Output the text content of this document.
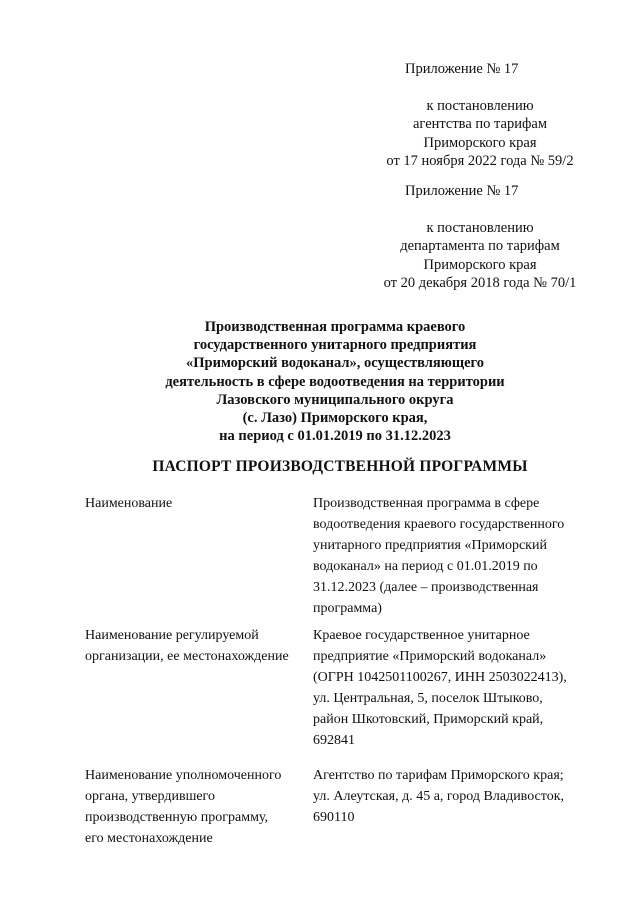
Приложение № 17
к постановлению
агентства по тарифам
Приморского края
от 17 ноября 2022 года № 59/2
Приложение № 17
к постановлению
департамента по тарифам
Приморского края
от 20 декабря 2018 года № 70/1
Производственная программа краевого
государственного унитарного предприятия
«Приморский водоканал», осуществляющего
деятельность в сфере водоотведения на территории
Лазовского муниципального округа
(с. Лазо) Приморского края,
на период с 01.01.2019 по 31.12.2023
ПАСПОРТ ПРОИЗВОДСТВЕННОЙ ПРОГРАММЫ
Наименование	Производственная программа в сфере
водоотведения краевого государственного
унитарного предприятия «Приморский
водоканал» на период с 01.01.2019 по
31.12.2023 (далее – производственная
программа)
Наименование регулируемой
организации, ее местонахождение
Краевое государственное унитарное
предприятие «Приморский водоканал»
(ОГРН 1042501100267, ИНН 2503022413),
ул. Центральная, 5, поселок Штыково,
район Шкотовский, Приморский край,
692841
Наименование уполномоченного
органа, утвердившего
производственную программу,
его местонахождение
Агентство по тарифам Приморского края;
ул. Алеутская, д. 45 а, город Владивосток,
690110
